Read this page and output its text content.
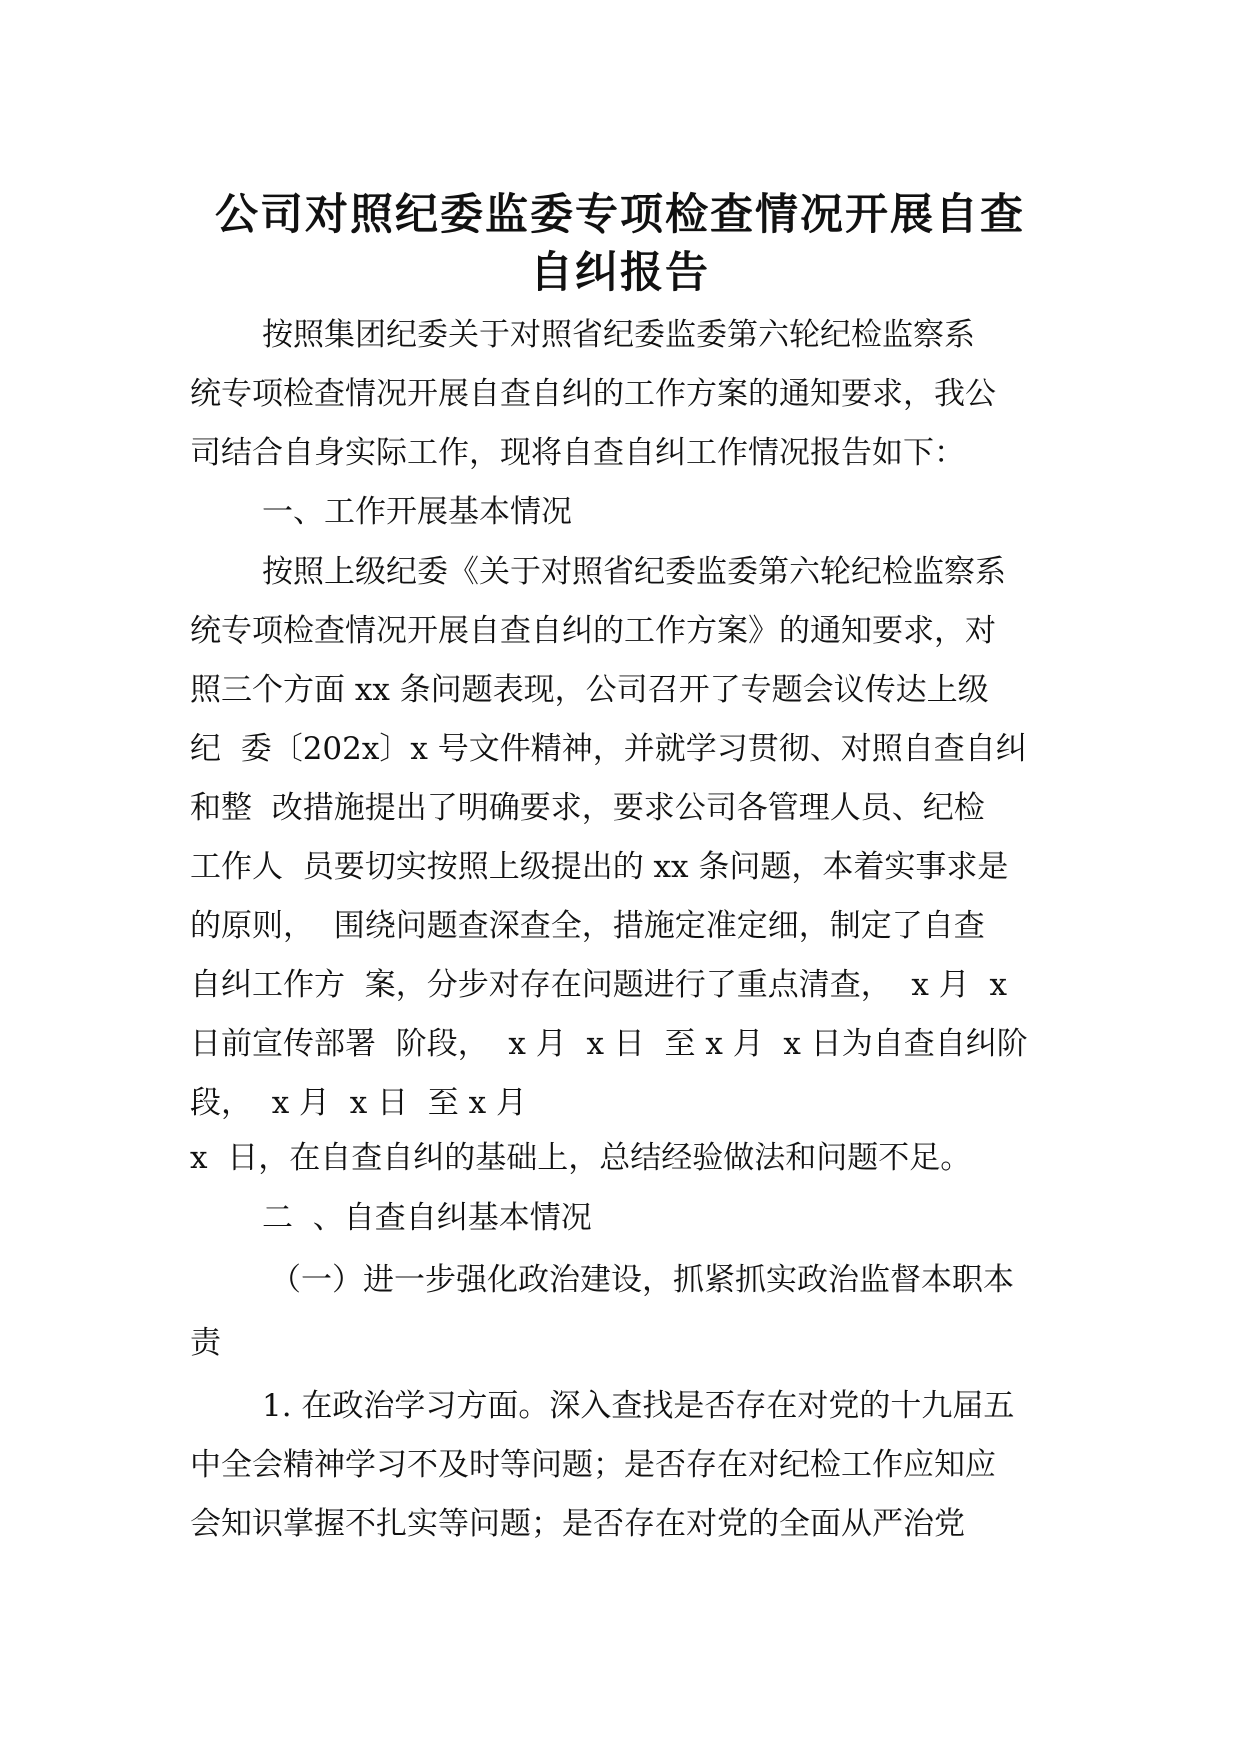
公司对照纪委监委专项检查情况开展自查
自纠报告

按照集团纪委关于对照省纪委监委第六轮纪检监察系

统专项检查情况开展自查自纠的工作方案的通知要求，我公

司结合自身实际工作，现将自查自纠工作情况报告如下：

一、工作开展基本情况

按照上级纪委《关于对照省纪委监委第六轮纪检监察系

统专项检查情况开展自查自纠的工作方案》的通知要求，对

照三个方面 xx 条问题表现，公司召开了专题会议传达上级

纪  委〔202x〕x 号文件精神，并就学习贯彻、对照自查自纠

和整  改措施提出了明确要求，要求公司各管理人员、纪检

工作人  员要切实按照上级提出的 xx 条问题，本着实事求是

的原则，  围绕问题查深查全，措施定准定细，制定了自查

自纠工作方  案，分步对存在问题进行了重点清查，  x 月  x

日前宣传部署  阶段，  x 月  x 日  至 x 月  x 日为自查自纠阶

段，  x 月  x 日  至 x 月

x  日，在自查自纠的基础上，总结经验做法和问题不足。

二  、自查自纠基本情况

（一）进一步强化政治建设，抓紧抓实政治监督本职本

责

1. 在政治学习方面。深入查找是否存在对党的十九届五

中全会精神学习不及时等问题；是否存在对纪检工作应知应

会知识掌握不扎实等问题；是否存在对党的全面从严治党
